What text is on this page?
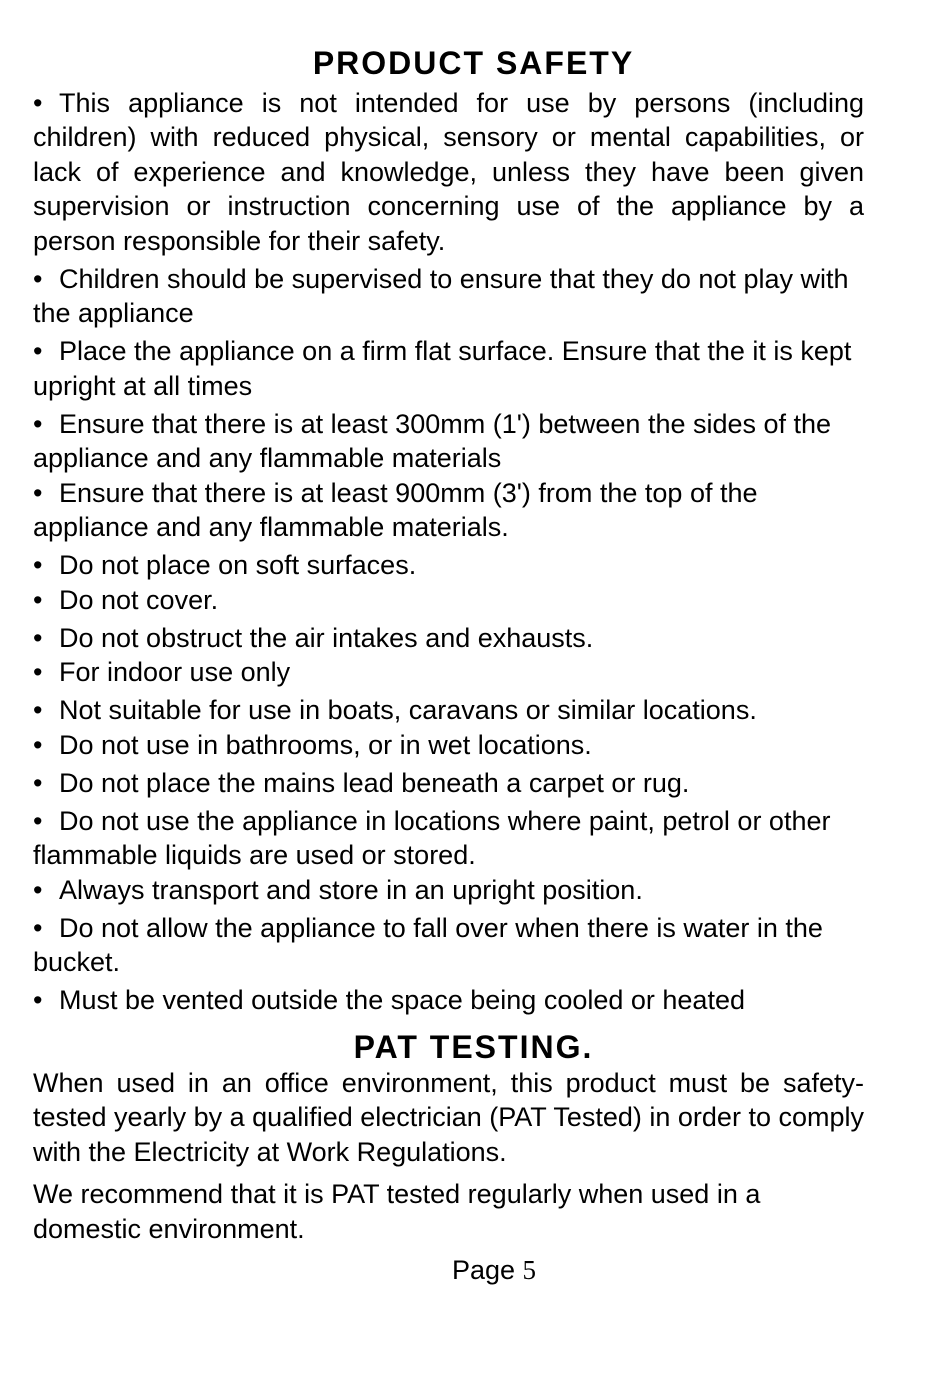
PRODUCT SAFETY
• This appliance is not intended for use by persons (including children) with reduced physical, sensory or mental capabilities, or lack of experience and knowledge, unless they have been given supervision or instruction concerning use of the appliance by a person responsible for their safety.
• Children should be supervised to ensure that they do not play with the appliance
• Place the appliance on a firm flat surface. Ensure that the it is kept upright at all times
• Ensure that there is at least 300mm (1') between the sides of the appliance and any flammable materials
• Ensure that there is at least 900mm (3') from the top of the appliance and any flammable materials.
• Do not place on soft surfaces.
• Do not cover.
• Do not obstruct the air intakes and exhausts.
• For indoor use only
• Not suitable for use in boats, caravans or similar locations.
• Do not use in bathrooms, or in wet locations.
• Do not place the mains lead beneath a carpet or rug.
• Do not use the appliance in locations where paint, petrol or other flammable liquids are used or stored.
• Always transport and store in an upright position.
• Do not allow the appliance to fall over when there is water in the bucket.
• Must be vented outside the space being cooled or heated
PAT TESTING.

When used in an office environment, this product must be safety-tested yearly by a qualified electrician (PAT Tested) in order to comply with the Electricity at Work Regulations.

We recommend that it is PAT tested regularly when used in a domestic environment.

Page 5
